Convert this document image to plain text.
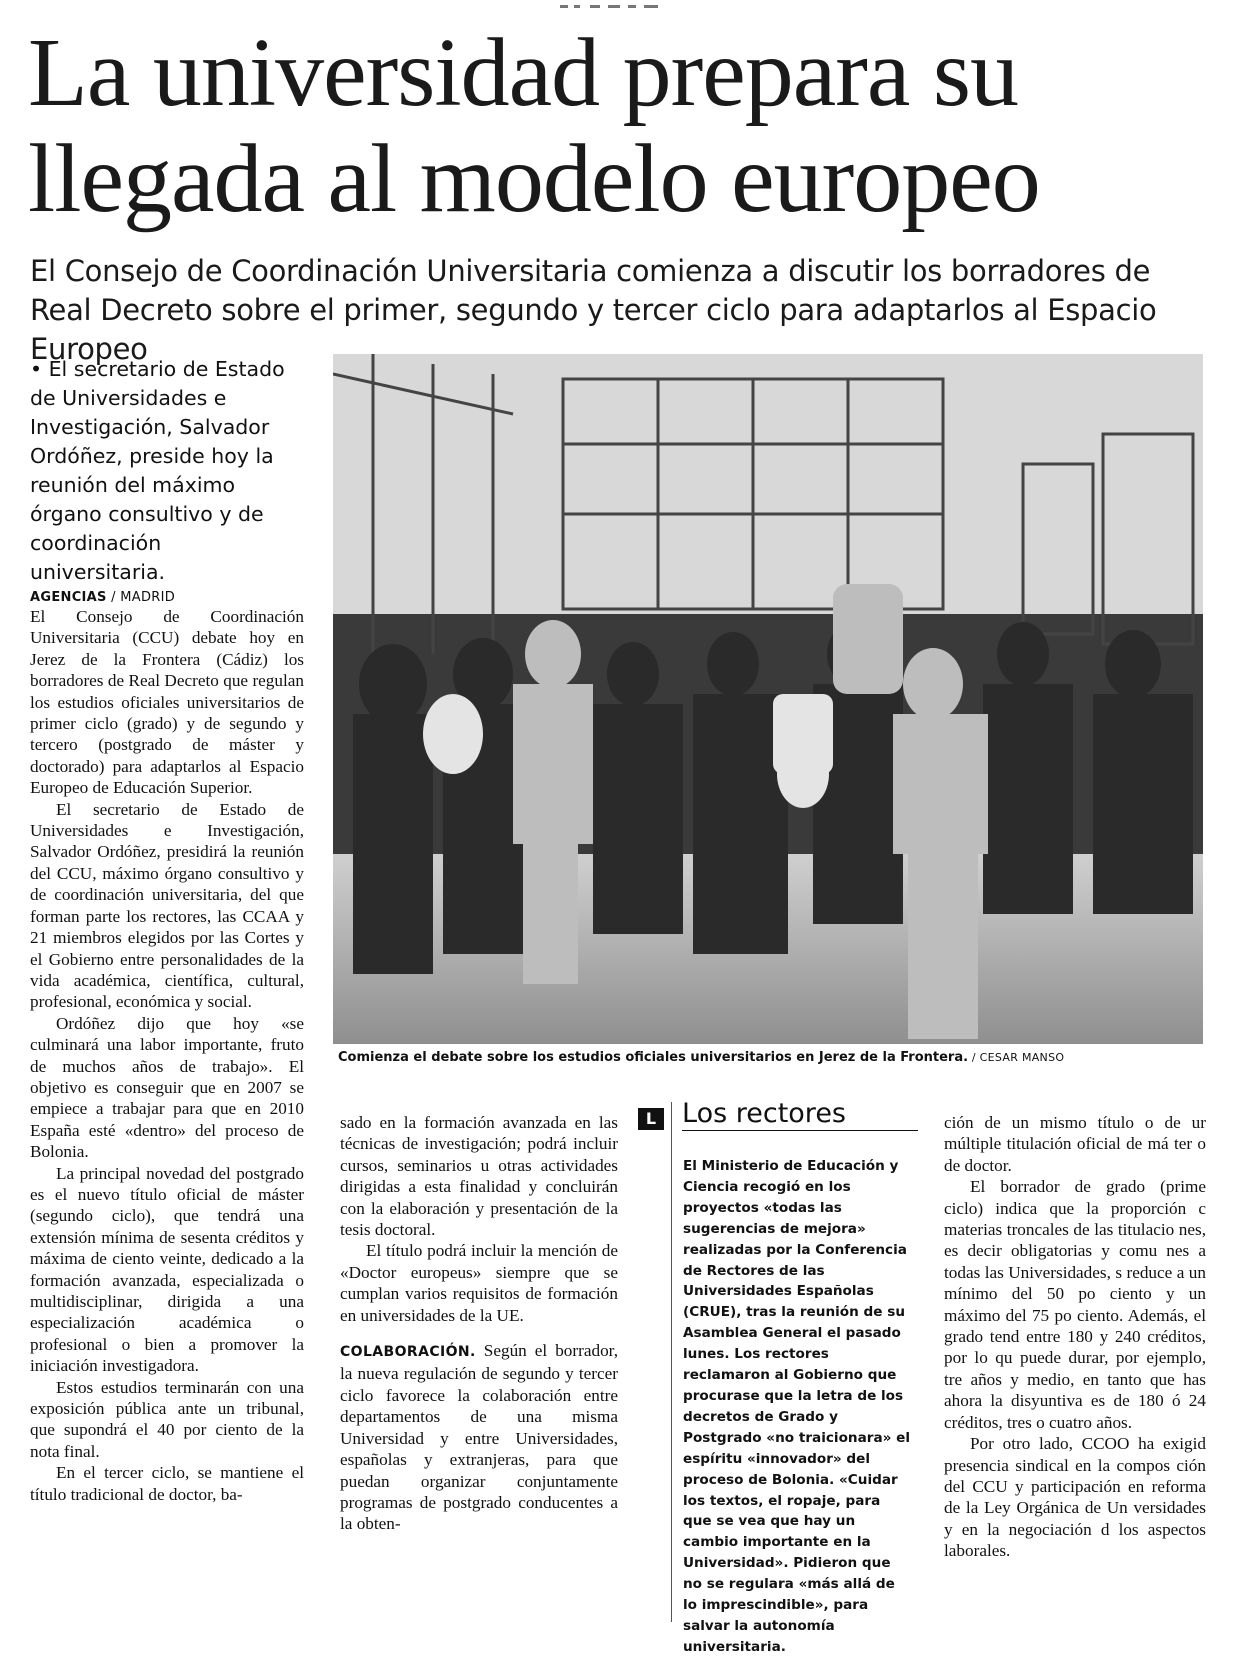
La universidad prepara su llegada al modelo europeo
El Consejo de Coordinación Universitaria comienza a discutir los borradores de Real Decreto sobre el primer, segundo y tercer ciclo para adaptarlos al Espacio Europeo

• El secretario de Estado de Universidades e Investigación, Salvador Ordóñez, preside hoy la reunión del máximo órgano consultivo y de coordinación universitaria.

AGENCIAS / MADRID

El Consejo de Coordinación Universitaria (CCU) debate hoy en Jerez de la Frontera (Cádiz) los borradores de Real Decreto que regulan los estudios oficiales universitarios de primer ciclo (grado) y de segundo y tercero (postgrado de máster y doctorado) para adaptarlos al Espacio Europeo de Educación Superior.

El secretario de Estado de Universidades e Investigación, Salvador Ordóñez, presidirá la reunión del CCU, máximo órgano consultivo y de coordinación universitaria, del que forman parte los rectores, las CCAA y 21 miembros elegidos por las Cortes y el Gobierno entre personalidades de la vida académica, científica, cultural, profesional, económica y social.

Ordóñez dijo que hoy «se culminará una labor importante, fruto de muchos años de trabajo». El objetivo es conseguir que en 2007 se empiece a trabajar para que en 2010 España esté «dentro» del proceso de Bolonia.

La principal novedad del postgrado es el nuevo título oficial de máster (segundo ciclo), que tendrá una extensión mínima de sesenta créditos y máxima de ciento veinte, dedicado a la formación avanzada, especializada o multidisciplinar, dirigida a una especialización académica o profesional o bien a promover la iniciación investigadora.

Estos estudios terminarán con una exposición pública ante un tribunal, que supondrá el 40 por ciento de la nota final.

En el tercer ciclo, se mantiene el título tradicional de doctor, ba-

Comienza el debate sobre los estudios oficiales universitarios en Jerez de la Frontera. / CESAR MANSO

sado en la formación avanzada en las técnicas de investigación; podrá incluir cursos, seminarios u otras actividades dirigidas a esta finalidad y concluirán con la elaboración y presentación de la tesis doctoral.

El título podrá incluir la mención de «Doctor europeus» siempre que se cumplan varios requisitos de formación en universidades de la UE.

COLABORACIÓN. Según el borrador, la nueva regulación de segundo y tercer ciclo favorece la colaboración entre departamentos de una misma Universidad y entre Universidades, españolas y extranjeras, para que puedan organizar conjuntamente programas de postgrado conducentes a la obten-

L Los rectores
El Ministerio de Educación y Ciencia recogió en los proyectos «todas las sugerencias de mejora» realizadas por la Conferencia de Rectores de las Universidades Españolas (CRUE), tras la reunión de su Asamblea General el pasado lunes. Los rectores reclamaron al Gobierno que procurase que la letra de los decretos de Grado y Postgrado «no traicionara» el espíritu «innovador» del proceso de Bolonia. «Cuidar los textos, el ropaje, para que se vea que hay un cambio importante en la Universidad». Pidieron que no se regulara «más allá de lo imprescindible», para salvar la autonomía universitaria.

ción de un mismo título o de ur múltiple titulación oficial de má ter o de doctor.

El borrador de grado (prime ciclo) indica que la proporción c materias troncales de las titulacio nes, es decir obligatorias y comu nes a todas las Universidades, s reduce a un mínimo del 50 po ciento y un máximo del 75 po ciento. Además, el grado tend entre 180 y 240 créditos, por lo qu puede durar, por ejemplo, tre años y medio, en tanto que has ahora la disyuntiva es de 180 ó 24 créditos, tres o cuatro años.

Por otro lado, CCOO ha exigid presencia sindical en la compos ción del CCU y participación en reforma de la Ley Orgánica de Un versidades y en la negociación d los aspectos laborales.
